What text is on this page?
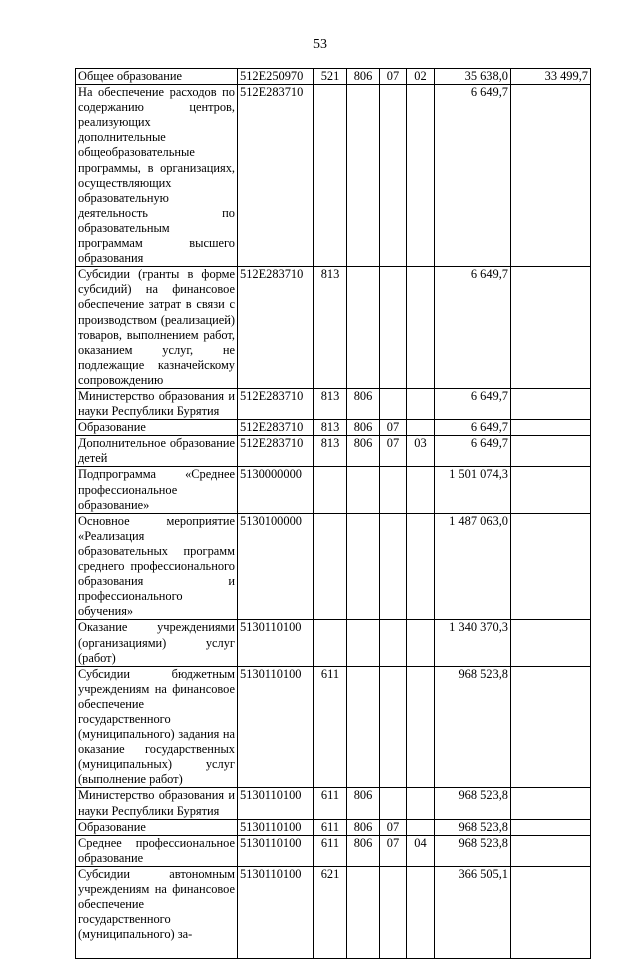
53
Общее образование	512E250970	521	806	07	02	35 638,0	33 499,7
На обеспечение расходов по содержанию центров, реализующих дополнительные общеобразовательные программы, в организациях, осуществляющих образовательную деятельность по образовательным программам высшего образования	512E283710					6 649,7	
Субсидии (гранты в форме субсидий) на финансовое обеспечение затрат в связи с производством (реализацией) товаров, выполнением работ, оказанием услуг, не подлежащие казначейскому сопровождению	512E283710	813				6 649,7	
Министерство образования и науки Республики Бурятия	512E283710	813	806			6 649,7	
Образование	512E283710	813	806	07		6 649,7	
Дополнительное образование детей	512E283710	813	806	07	03	6 649,7	
Подпрограмма «Среднее профессиональное образование»	5130000000					1 501 074,3	
Основное мероприятие «Реализация образовательных программ среднего профессионального образования и профессионального обучения»	5130100000					1 487 063,0	
Оказание учреждениями (организациями) услуг (работ)	5130110100					1 340 370,3	
Субсидии бюджетным учреждениям на финансовое обеспечение государственного (муниципального) задания на оказание государственных (муниципальных) услуг (выполнение работ)	5130110100	611				968 523,8	
Министерство образования и науки Республики Бурятия	5130110100	611	806			968 523,8	
Образование	5130110100	611	806	07		968 523,8	
Среднее профессиональное образование	5130110100	611	806	07	04	968 523,8	
Субсидии автономным учреждениям на финансовое обеспечение государственного (муниципального) за-	5130110100	621				366 505,1	
